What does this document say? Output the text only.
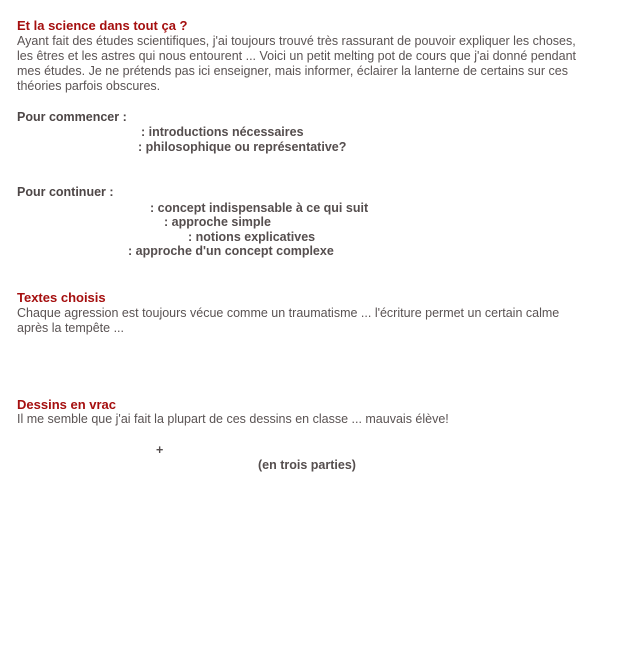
Et la science dans tout ça ?
Ayant fait des études scientifiques, j'ai toujours trouvé très rassurant de pouvoir expliquer les choses,
les êtres et les astres qui nous entourent ... Voici un petit melting pot de cours que j'ai donné pendant
mes études. Je ne prétends pas ici enseigner, mais informer, éclairer la lanterne de certains sur ces
théories parfois obscures.
Pour commencer :
: introductions nécessaires
: philosophique ou représentative?
Pour continuer :
: concept indispensable à ce qui suit
: approche simple
: notions explicatives
: approche d'un concept complexe
Textes choisis
Chaque agression est toujours vécue comme un traumatisme ... l'écriture permet un certain calme
après la tempête ...
Dessins en vrac
Il me semble que j'ai fait la plupart de ces dessins en classe ... mauvais élève!
+
(en trois parties)
